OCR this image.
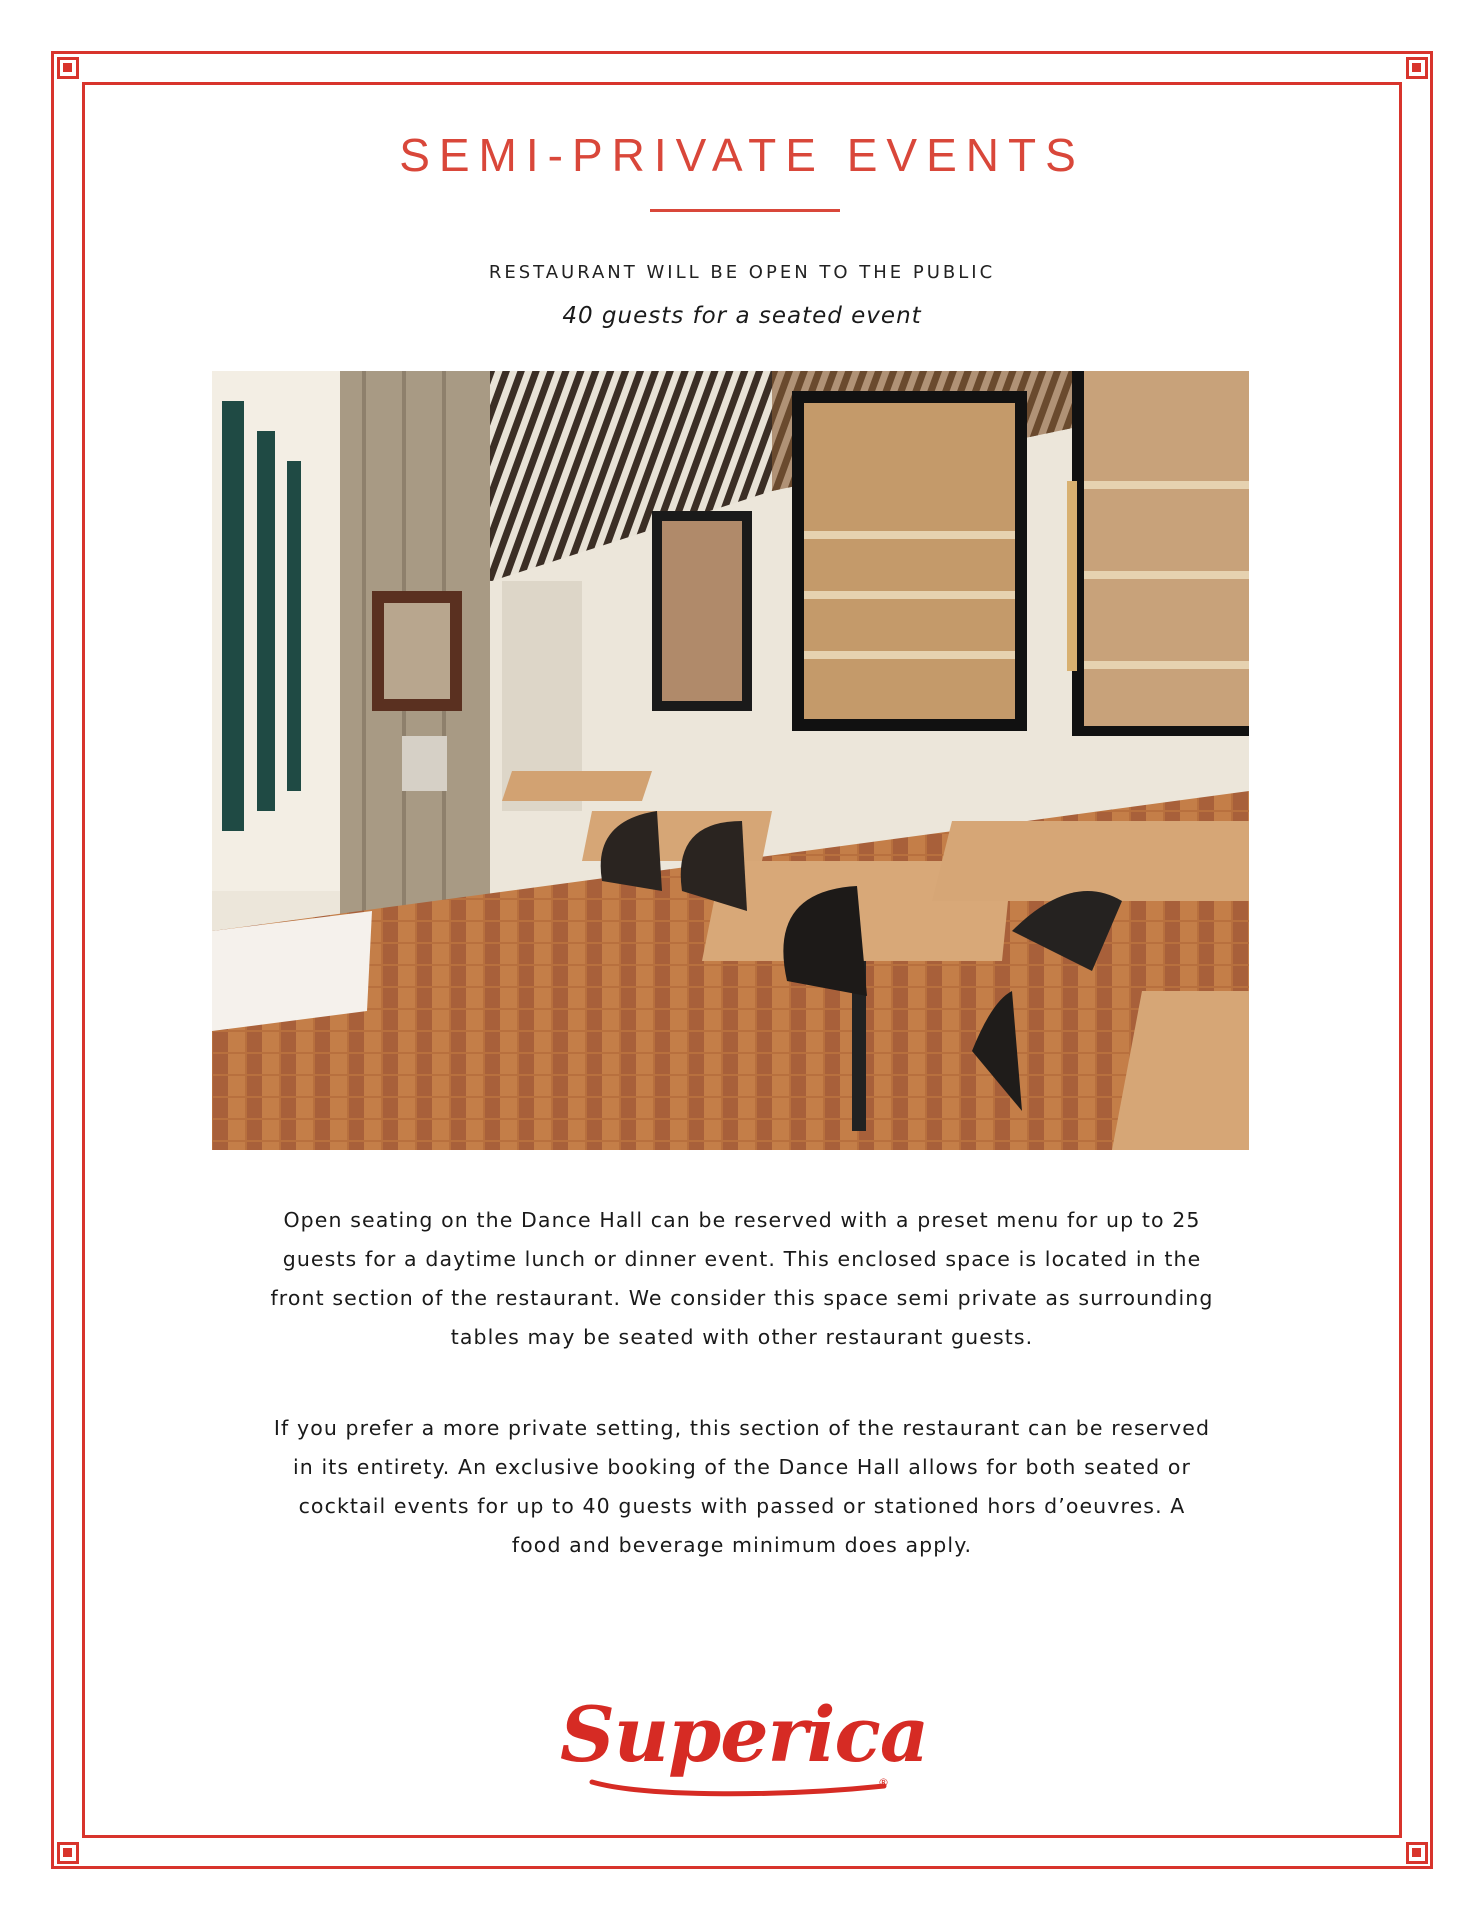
SEMI-PRIVATE EVENTS
RESTAURANT WILL BE OPEN TO THE PUBLIC
40 guests for a seated event

Open seating on the Dance Hall can be reserved with a preset menu for up to 25 guests for a daytime lunch or dinner event. This enclosed space is located in the front section of the restaurant. We consider this space semi private as surrounding tables may be seated with other restaurant guests.

If you prefer a more private setting, this section of the restaurant can be reserved in its entirety. An exclusive booking of the Dance Hall allows for both seated or cocktail events for up to 40 guests with passed or stationed hors d’oeuvres. A food and beverage minimum does apply.

Superica
®
